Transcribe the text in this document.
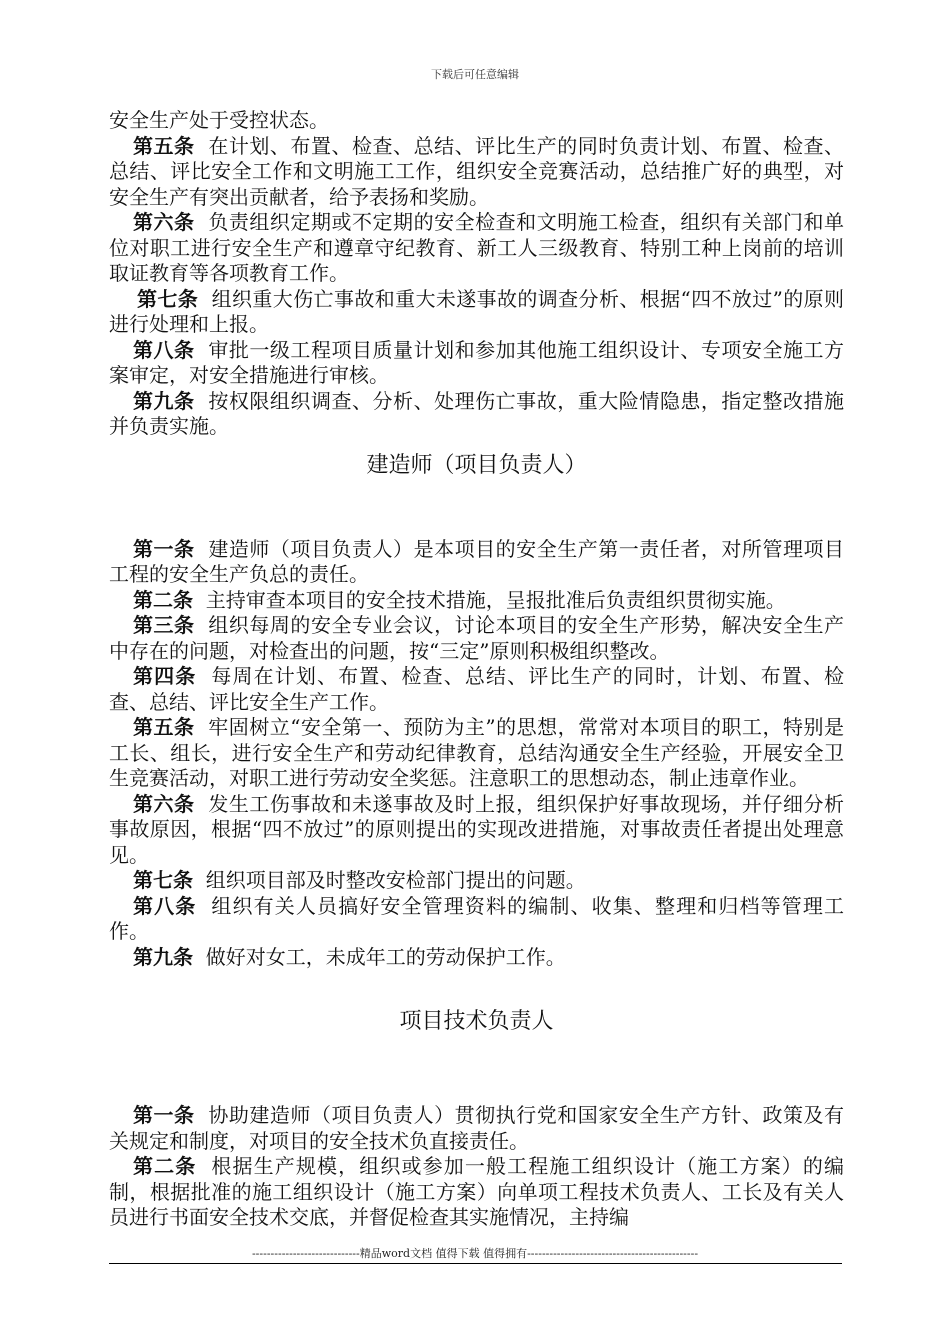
下载后可任意编辑

安全生产处于受控状态。

第五条 在计划、布置、检查、总结、评比生产的同时负责计划、布置、检查、总结、评比安全工作和文明施工工作，组织安全竞赛活动，总结推广好的典型，对安全生产有突出贡献者，给予表扬和奖励。

第六条 负责组织定期或不定期的安全检查和文明施工检查，组织有关部门和单位对职工进行安全生产和遵章守纪教育、新工人三级教育、特别工种上岗前的培训取证教育等各项教育工作。

第七条 组织重大伤亡事故和重大未遂事故的调查分析、根据“四不放过”的原则进行处理和上报。

第八条 审批一级工程项目质量计划和参加其他施工组织设计、专项安全施工方案审定，对安全措施进行审核。

第九条 按权限组织调查、分析、处理伤亡事故，重大险情隐患，指定整改措施并负责实施。

建造师（项目负责人）

第一条 建造师（项目负责人）是本项目的安全生产第一责任者，对所管理项目工程的安全生产负总的责任。

第二条 主持审查本项目的安全技术措施，呈报批准后负责组织贯彻实施。

第三条 组织每周的安全专业会议，讨论本项目的安全生产形势，解决安全生产中存在的问题，对检查出的问题，按“三定”原则积极组织整改。

第四条 每周在计划、布置、检查、总结、评比生产的同时，计划、布置、检查、总结、评比安全生产工作。

第五条 牢固树立“安全第一、预防为主”的思想，常常对本项目的职工，特别是工长、组长，进行安全生产和劳动纪律教育，总结沟通安全生产经验，开展安全卫生竞赛活动，对职工进行劳动安全奖惩。注意职工的思想动态，制止违章作业。

第六条 发生工伤事故和未遂事故及时上报，组织保护好事故现场，并仔细分析事故原因，根据“四不放过”的原则提出的实现改进措施，对事故责任者提出处理意见。

第七条 组织项目部及时整改安检部门提出的问题。

第八条 组织有关人员搞好安全管理资料的编制、收集、整理和归档等管理工作。

第九条 做好对女工，未成年工的劳动保护工作。

项目技术负责人

第一条 协助建造师（项目负责人）贯彻执行党和国家安全生产方针、政策及有关规定和制度，对项目的安全技术负直接责任。

第二条 根据生产规模，组织或参加一般工程施工组织设计（施工方案）的编制，根据批准的施工组织设计（施工方案）向单项工程技术负责人、工长及有关人员进行书面安全技术交底，并督促检查其实施情况，主持编

-----------------------------精品word文档 值得下载 值得拥有----------------------------------------------
